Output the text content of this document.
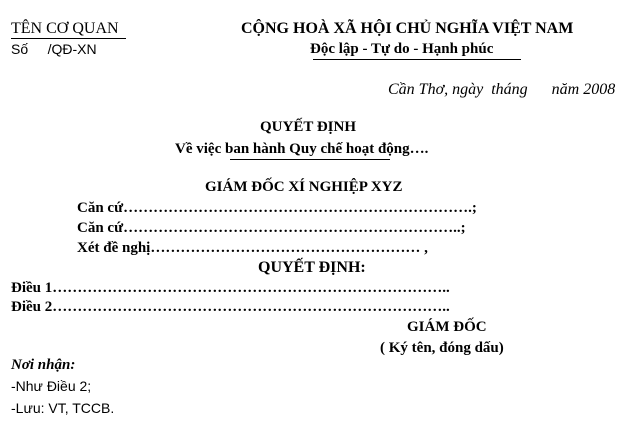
TÊN CƠ QUAN
Số     /QĐ-XN
CỘNG HOÀ XÃ HỘI CHỦ NGHĨA VIỆT NAM
Độc lập - Tự do - Hạnh phúc
Cần Thơ, ngày  tháng      năm 2008
QUYẾT ĐỊNH
Về việc ban hành Quy chế hoạt động….
GIÁM ĐỐC XÍ NGHIỆP XYZ
Căn cứ…………………………………………………………….;
Căn cứ…………………………………………………………..;
Xét đề nghị……………………………………………… ,
QUYẾT ĐỊNH:
Điều 1……………………………………………………………………..
Điều 2……………………………………………………………………..
GIÁM ĐỐC
( Ký tên, đóng dấu)
Nơi nhận:
-Như Điều 2;
-Lưu: VT, TCCB.
